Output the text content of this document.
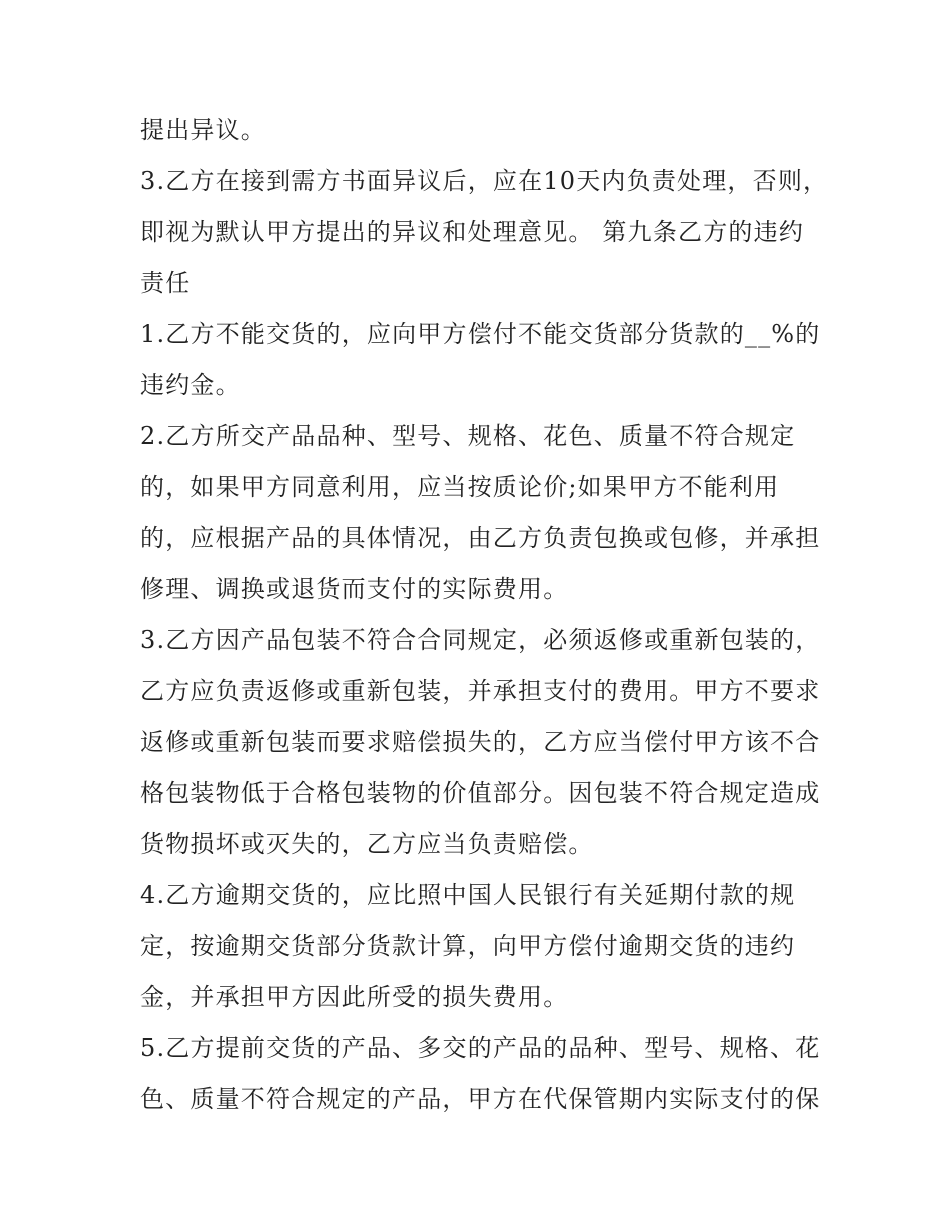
提出异议。

3.乙方在接到需方书面异议后，应在10天内负责处理，否则，

即视为默认甲方提出的异议和处理意见。 第九条乙方的违约

责任

1.乙方不能交货的，应向甲方偿付不能交货部分货款的__%的

违约金。

2.乙方所交产品品种、型号、规格、花色、质量不符合规定

的，如果甲方同意利用，应当按质论价;如果甲方不能利用

的，应根据产品的具体情况，由乙方负责包换或包修，并承担

修理、调换或退货而支付的实际费用。

3.乙方因产品包装不符合合同规定，必须返修或重新包装的，

乙方应负责返修或重新包装，并承担支付的费用。甲方不要求

返修或重新包装而要求赔偿损失的，乙方应当偿付甲方该不合

格包装物低于合格包装物的价值部分。因包装不符合规定造成

货物损坏或灭失的，乙方应当负责赔偿。

4.乙方逾期交货的，应比照中国人民银行有关延期付款的规

定，按逾期交货部分货款计算，向甲方偿付逾期交货的违约

金，并承担甲方因此所受的损失费用。

5.乙方提前交货的产品、多交的产品的品种、型号、规格、花

色、质量不符合规定的产品，甲方在代保管期内实际支付的保
